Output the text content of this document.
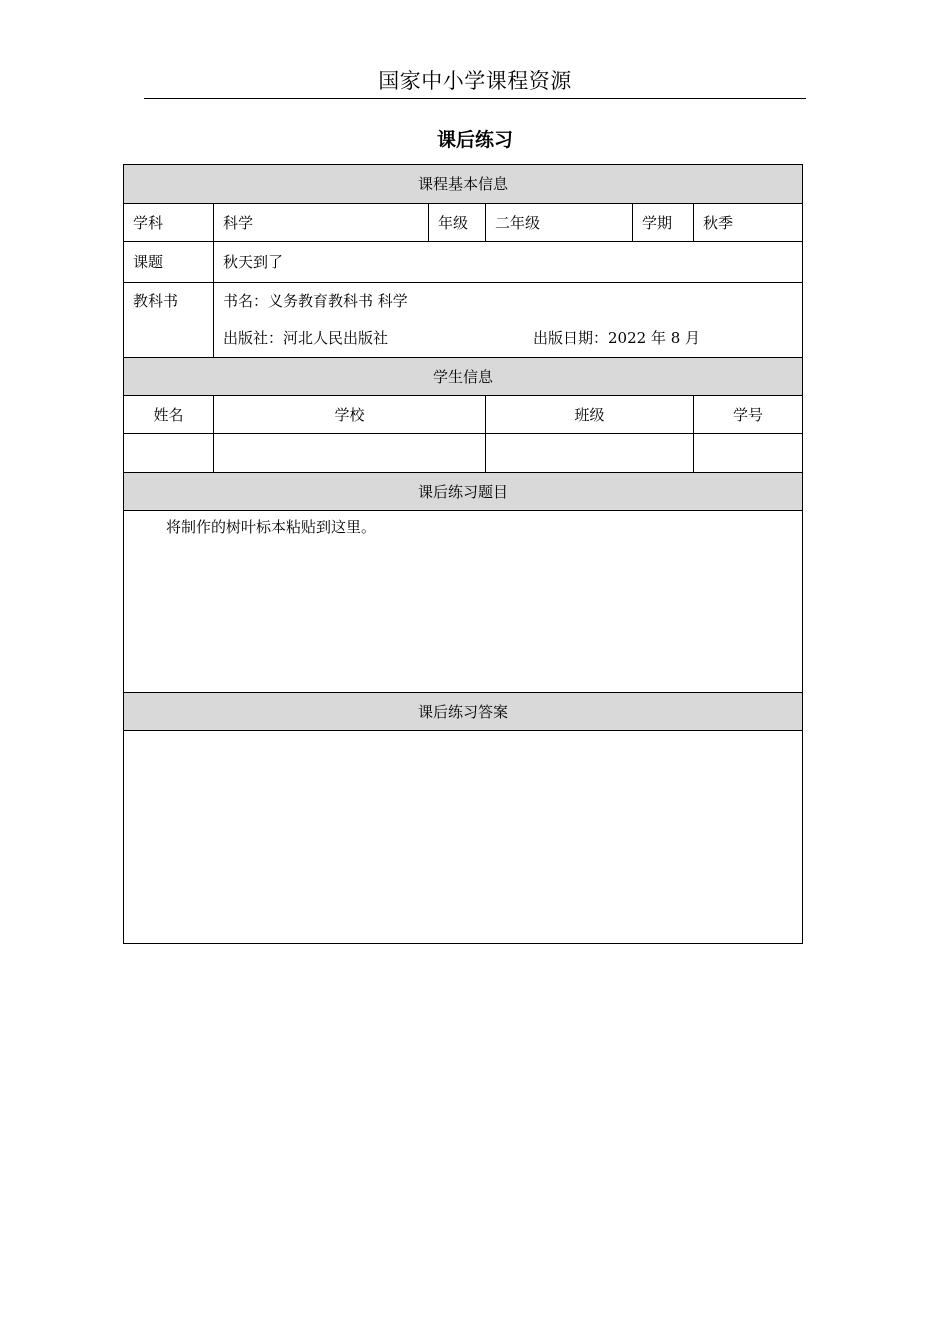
国家中小学课程资源
课后练习
课程基本信息					
学科	科学	年级	二年级	学期	秋季
课题	秋天到了				
教科书	书名：义务教育教科书 科学
出版社：河北人民出版社 出版日期：2022 年 8 月				

学生信息					
姓名	学校		班级		学号

课后练习题目					
将制作的树叶标本粘贴到这里。					
课后练习答案					
